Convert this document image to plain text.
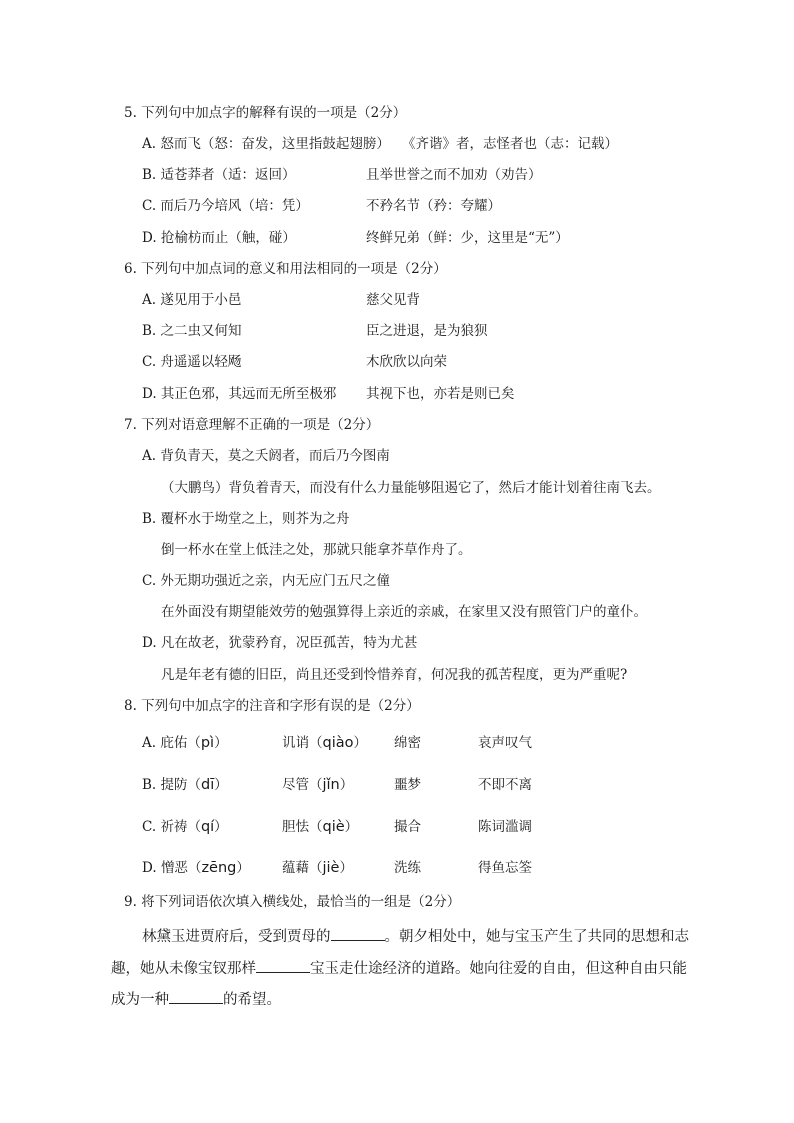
5. 下列句中加点字的解释有误的一项是（2分）
A. 怒而飞（怒：奋发，这里指鼓起翅膀） 《齐谐》者，志怪者也（志：记载）
B. 适苍莽者（适：返回）	且举世誉之而不加劝（劝告）
C. 而后乃今培风（培：凭）	不矜名节（矜：夸耀）
D. 抢榆枋而止（触，碰）	终鲜兄弟（鲜：少，这里是“无”）
6. 下列句中加点词的意义和用法相同的一项是（2分）
A. 遂见用于小邑	慈父见背
B. 之二虫又何知	臣之进退，是为狼狈
C. 舟遥遥以轻飏	木欣欣以向荣
D. 其正色邪，其远而无所至极邪 其视下也，亦若是则已矣
7. 下列对语意理解不正确的一项是（2分）
A. 背负青天，莫之夭阏者，而后乃今图南
（大鹏鸟）背负着青天，而没有什么力量能够阻遏它了，然后才能计划着往南飞去。
B. 覆杯水于坳堂之上，则芥为之舟
倒一杯水在堂上低洼之处，那就只能拿芥草作舟了。
C. 外无期功强近之亲，内无应门五尺之僮
在外面没有期望能效劳的勉强算得上亲近的亲戚，在家里又没有照管门户的童仆。
D. 凡在故老，犹蒙矜育，况臣孤苦，特为尤甚
凡是年老有德的旧臣，尚且还受到怜惜养育，何况我的孤苦程度，更为严重呢?
8. 下列句中加点字的注音和字形有误的是（2分）
A. 庇佑（pì）	讥诮（qiào） 绵密	哀声叹气
B. 提防（dī）	尽管（jǐn）	噩梦	不即不离
C. 祈祷（qí）	胆怯（qiè）	撮合	陈词滥调
D. 憎恶（zēng） 蕴藉（jiè）	洗练	得鱼忘筌
9. 将下列词语依次填入横线处，最恰当的一组是（2分）
林黛玉进贾府后，受到贾母的	。朝夕相处中，她与宝玉产生了共同的思想和志
趣，她从未像宝钗那样	宝玉走仕途经济的道路。她向往爱的自由，但这种自由只能
成为一种	的希望。
